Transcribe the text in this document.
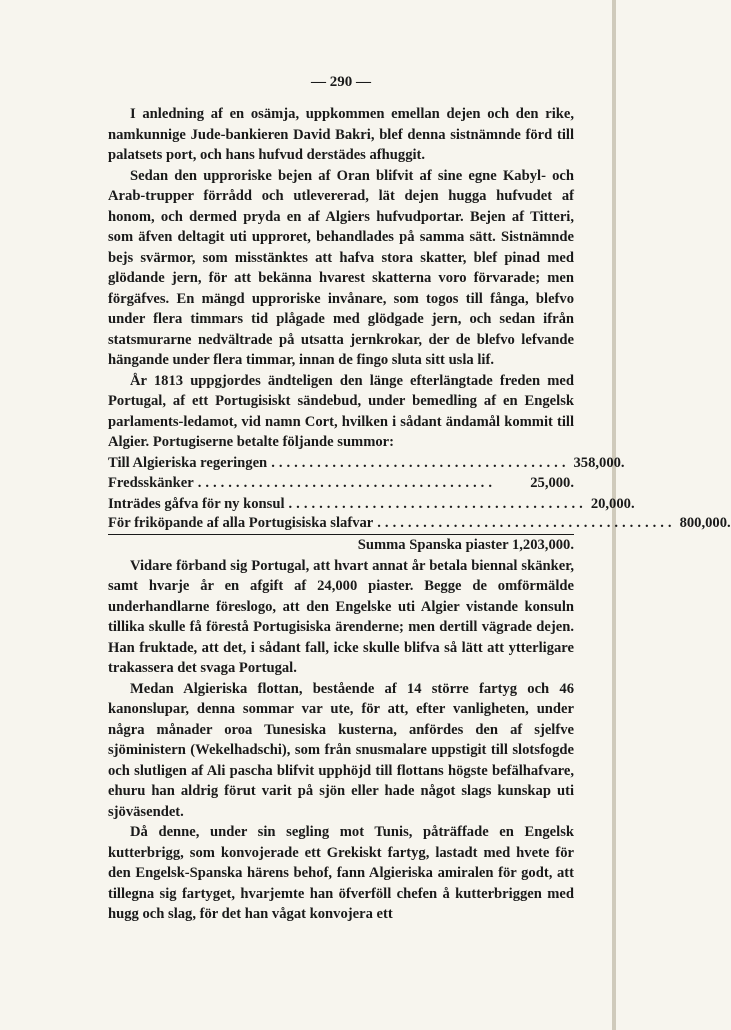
— 290 —

I anledning af en osämja, uppkommen emellan dejen och den rike, namkunnige Jude-bankieren David Bakri, blef denna sistnämnde förd till palatsets port, och hans hufvud derstädes afhuggit.

Sedan den upproriske bejen af Oran blifvit af sine egne Kabyl- och Arab-trupper förrådd och utlevererad, lät dejen hugga hufvudet af honom, och dermed pryda en af Algiers hufvudportar. Bejen af Titteri, som äfven deltagit uti upproret, behandlades på samma sätt. Sistnämnde bejs svärmor, som misstänktes att hafva stora skatter, blef pinad med glödande jern, för att bekänna hvarest skatterna voro förvarade; men förgäfves. En mängd upproriske invånare, som togos till fånga, blefvo under flera timmars tid plågade med glödgade jern, och sedan ifrån statsmurarne nedvältrade på utsatta jernkrokar, der de blefvo lefvande hängande under flera timmar, innan de fingo sluta sitt usla lif.

År 1813 uppgjordes ändteligen den länge efterlängtade freden med Portugal, af ett Portugisiskt sändebud, under bemedling af en Engelsk parlaments-ledamot, vid namn Cort, hvilken i sådant ändamål kommit till Algier. Portugiserne betalte följande summor:

Till Algieriska regeringen ....................................... 358,000.
Fredsskänker .......................................	25,000.
Inträdes gåfva för ny konsul ....................................... 20,000.
För friköpande af alla Portugisiska slafvar ....................................... 800,000.
Summa Spanska piaster 1,203,000.

Vidare förband sig Portugal, att hvart annat år betala biennal skänker, samt hvarje år en afgift af 24,000 piaster. Begge de omförmälde underhandlarne föreslogo, att den Engelske uti Algier vistande konsuln tillika skulle få förestå Portugisiska ärenderne; men dertill vägrade dejen. Han fruktade, att det, i sådant fall, icke skulle blifva så lätt att ytterligare trakassera det svaga Portugal.

Medan Algieriska flottan, bestående af 14 större fartyg och 46 kanonslupar, denna sommar var ute, för att, efter vanligheten, under några månader oroa Tunesiska kusterna, anfördes den af sjelfve sjöministern (Wekelhadschi), som från snusmalare uppstigit till slotsfogde och slutligen af Ali pascha blifvit upphöjd till flottans högste befälhafvare, ehuru han aldrig förut varit på sjön eller hade något slags kunskap uti sjöväsendet.

Då denne, under sin segling mot Tunis, påträffade en Engelsk kutterbrigg, som konvojerade ett Grekiskt fartyg, lastadt med hvete för den Engelsk-Spanska härens behof, fann Algieriska amiralen för godt, att tillegna sig fartyget, hvarjemte han öfverföll chefen å kutterbriggen med hugg och slag, för det han vågat konvojera ett
